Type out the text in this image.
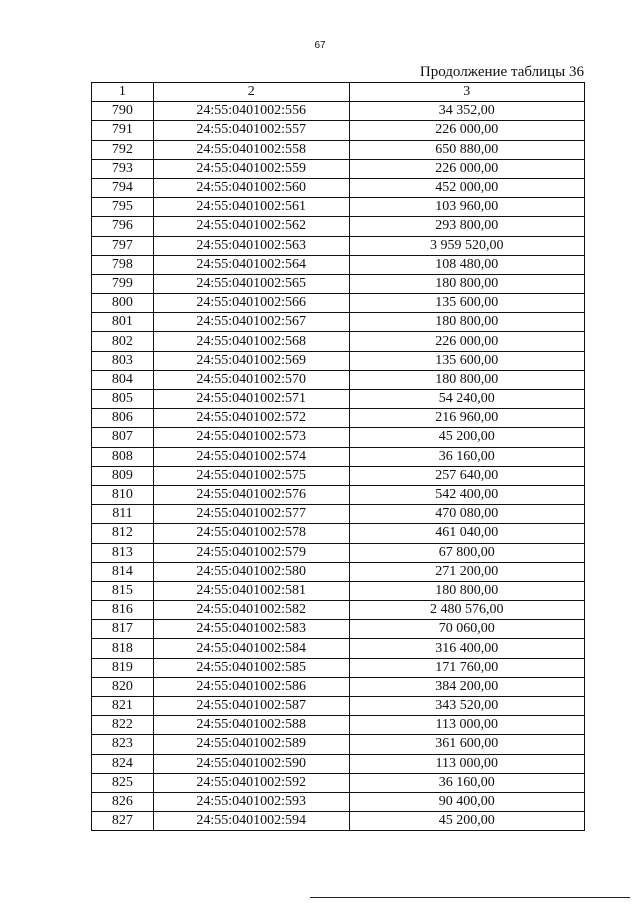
67
Продолжение таблицы 36
1	2	3
790	24:55:0401002:556	34 352,00
791	24:55:0401002:557	226 000,00
792	24:55:0401002:558	650 880,00
793	24:55:0401002:559	226 000,00
794	24:55:0401002:560	452 000,00
795	24:55:0401002:561	103 960,00
796	24:55:0401002:562	293 800,00
797	24:55:0401002:563	3 959 520,00
798	24:55:0401002:564	108 480,00
799	24:55:0401002:565	180 800,00
800	24:55:0401002:566	135 600,00
801	24:55:0401002:567	180 800,00
802	24:55:0401002:568	226 000,00
803	24:55:0401002:569	135 600,00
804	24:55:0401002:570	180 800,00
805	24:55:0401002:571	54 240,00
806	24:55:0401002:572	216 960,00
807	24:55:0401002:573	45 200,00
808	24:55:0401002:574	36 160,00
809	24:55:0401002:575	257 640,00
810	24:55:0401002:576	542 400,00
811	24:55:0401002:577	470 080,00
812	24:55:0401002:578	461 040,00
813	24:55:0401002:579	67 800,00
814	24:55:0401002:580	271 200,00
815	24:55:0401002:581	180 800,00
816	24:55:0401002:582	2 480 576,00
817	24:55:0401002:583	70 060,00
818	24:55:0401002:584	316 400,00
819	24:55:0401002:585	171 760,00
820	24:55:0401002:586	384 200,00
821	24:55:0401002:587	343 520,00
822	24:55:0401002:588	113 000,00
823	24:55:0401002:589	361 600,00
824	24:55:0401002:590	113 000,00
825	24:55:0401002:592	36 160,00
826	24:55:0401002:593	90 400,00
827	24:55:0401002:594	45 200,00
